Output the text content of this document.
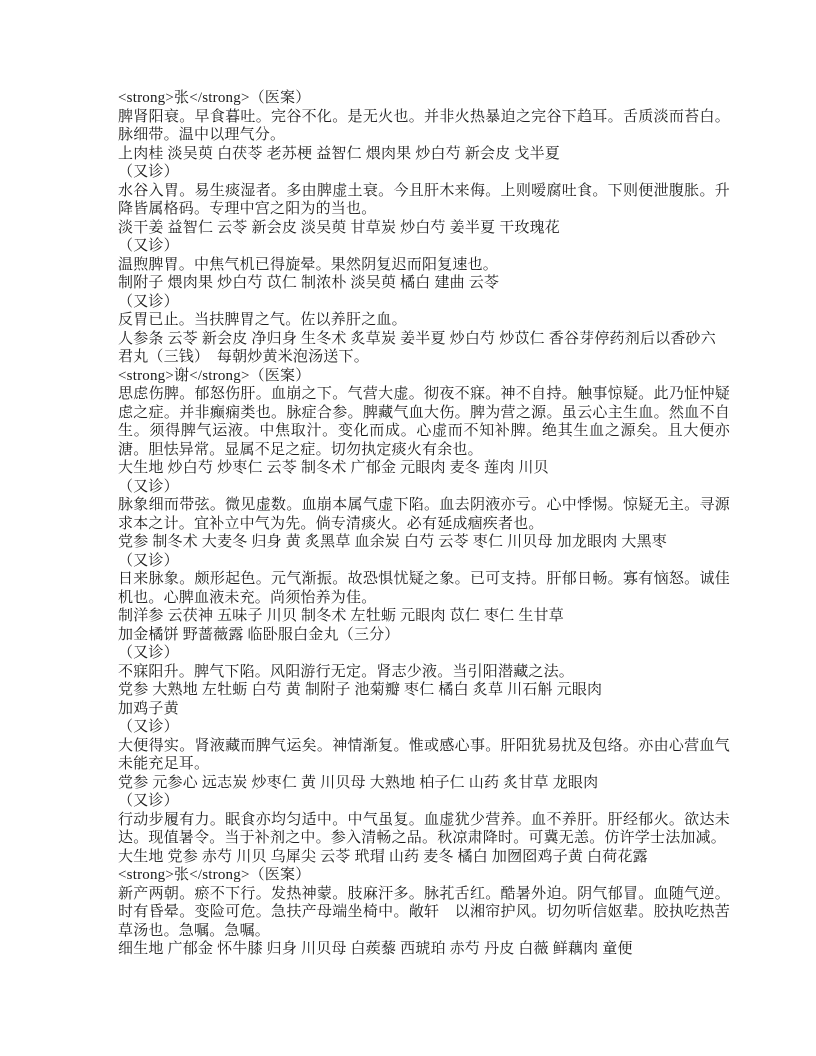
<strong>张</strong>（医案）

脾肾阳衰。早食暮吐。完谷不化。是无火也。并非火热暴迫之完谷下趋耳。舌质淡而苔白。脉细带。温中以理气分。

上肉桂 淡吴萸 白茯苓 老苏梗 益智仁 煨肉果 炒白芍 新会皮 戈半夏

（又诊）

水谷入胃。易生痰湿者。多由脾虚土衰。今且肝木来侮。上则嗳腐吐食。下则便泄腹胀。升降皆属格码。专理中宫之阳为的当也。

淡干姜 益智仁 云苓 新会皮 淡吴萸 甘草炭 炒白芍 姜半夏 干玫瑰花

（又诊）

温煦脾胃。中焦气机已得旋晕。果然阴复迟而阳复速也。

制附子 煨肉果 炒白芍 苡仁 制浓朴 淡吴萸 橘白 建曲 云苓

（又诊）

反胃已止。当扶脾胃之气。佐以养肝之血。

人参条 云苓 新会皮 净归身 生冬术 炙草炭 姜半夏 炒白芍 炒苡仁 香谷芽停药剂后以香砂六君丸（三钱）　每朝炒黄米泡汤送下。

<strong>谢</strong>（医案）

思虑伤脾。郁怒伤肝。血崩之下。气营大虚。彻夜不寐。神不自持。触事惊疑。此乃怔忡疑虑之症。并非癫痫类也。脉症合参。脾藏气血大伤。脾为营之源。虽云心主生血。然血不自生。须得脾气运液。中焦取汁。变化而成。心虚而不知补脾。绝其生血之源矣。且大便亦溏。胆怯异常。显属不足之症。切勿执定痰火有余也。

大生地 炒白芍 炒枣仁 云苓 制冬术 广郁金 元眼肉 麦冬 莲肉 川贝

（又诊）

脉象细而带弦。微见虚数。血崩本属气虚下陷。血去阴液亦亏。心中悸惕。惊疑无主。寻源求本之计。宜补立中气为先。倘专清痰火。必有延成痼疾者也。

党参 制冬术 大麦冬 归身 黄 炙黑草 血余炭 白芍 云苓 枣仁 川贝母 加龙眼肉 大黑枣

（又诊）

日来脉象。颇形起色。元气渐振。故恐惧忧疑之象。已可支持。肝郁日畅。寡有恼怒。诚佳机也。心脾血液未充。尚须怡养为佳。

制洋参 云茯神 五味子 川贝 制冬术 左牡蛎 元眼肉 苡仁 枣仁 生甘草

加金橘饼 野蔷薇露 临卧服白金丸（三分）

（又诊）

不寐阳升。脾气下陷。风阳游行无定。肾志少液。当引阳潜藏之法。

党参 大熟地 左牡蛎 白芍 黄 制附子 池菊瓣 枣仁 橘白 炙草 川石斛 元眼肉

加鸡子黄

（又诊）

大便得实。肾液藏而脾气运矣。神情渐复。惟或感心事。肝阳犹易扰及包络。亦由心营血气未能充足耳。

党参 元参心 远志炭 炒枣仁 黄 川贝母 大熟地 柏子仁 山药 炙甘草 龙眼肉

（又诊）

行动步履有力。眠食亦均匀适中。中气虽复。血虚犹少营养。血不养肝。肝经郁火。欲达未达。现值暑令。当于补剂之中。参入清畅之品。秋凉肃降时。可冀无恙。仿许学士法加减。

大生地 党参 赤芍 川贝 乌犀尖 云苓 玳瑁 山药 麦冬 橘白 加囫囵鸡子黄 白荷花露

<strong>张</strong>（医案）

新产两朝。瘀不下行。发热神蒙。肢麻汗多。脉芤舌红。酷暑外迫。阴气郁冒。血随气逆。时有昏晕。变险可危。急扶产母端坐椅中。敞轩　以湘帘护风。切勿听信妪辈。胶执吃热苦草汤也。急嘱。急嘱。

细生地 广郁金 怀牛膝 归身 川贝母 白蒺藜 西琥珀 赤芍 丹皮 白薇 鲜藕肉 童便
